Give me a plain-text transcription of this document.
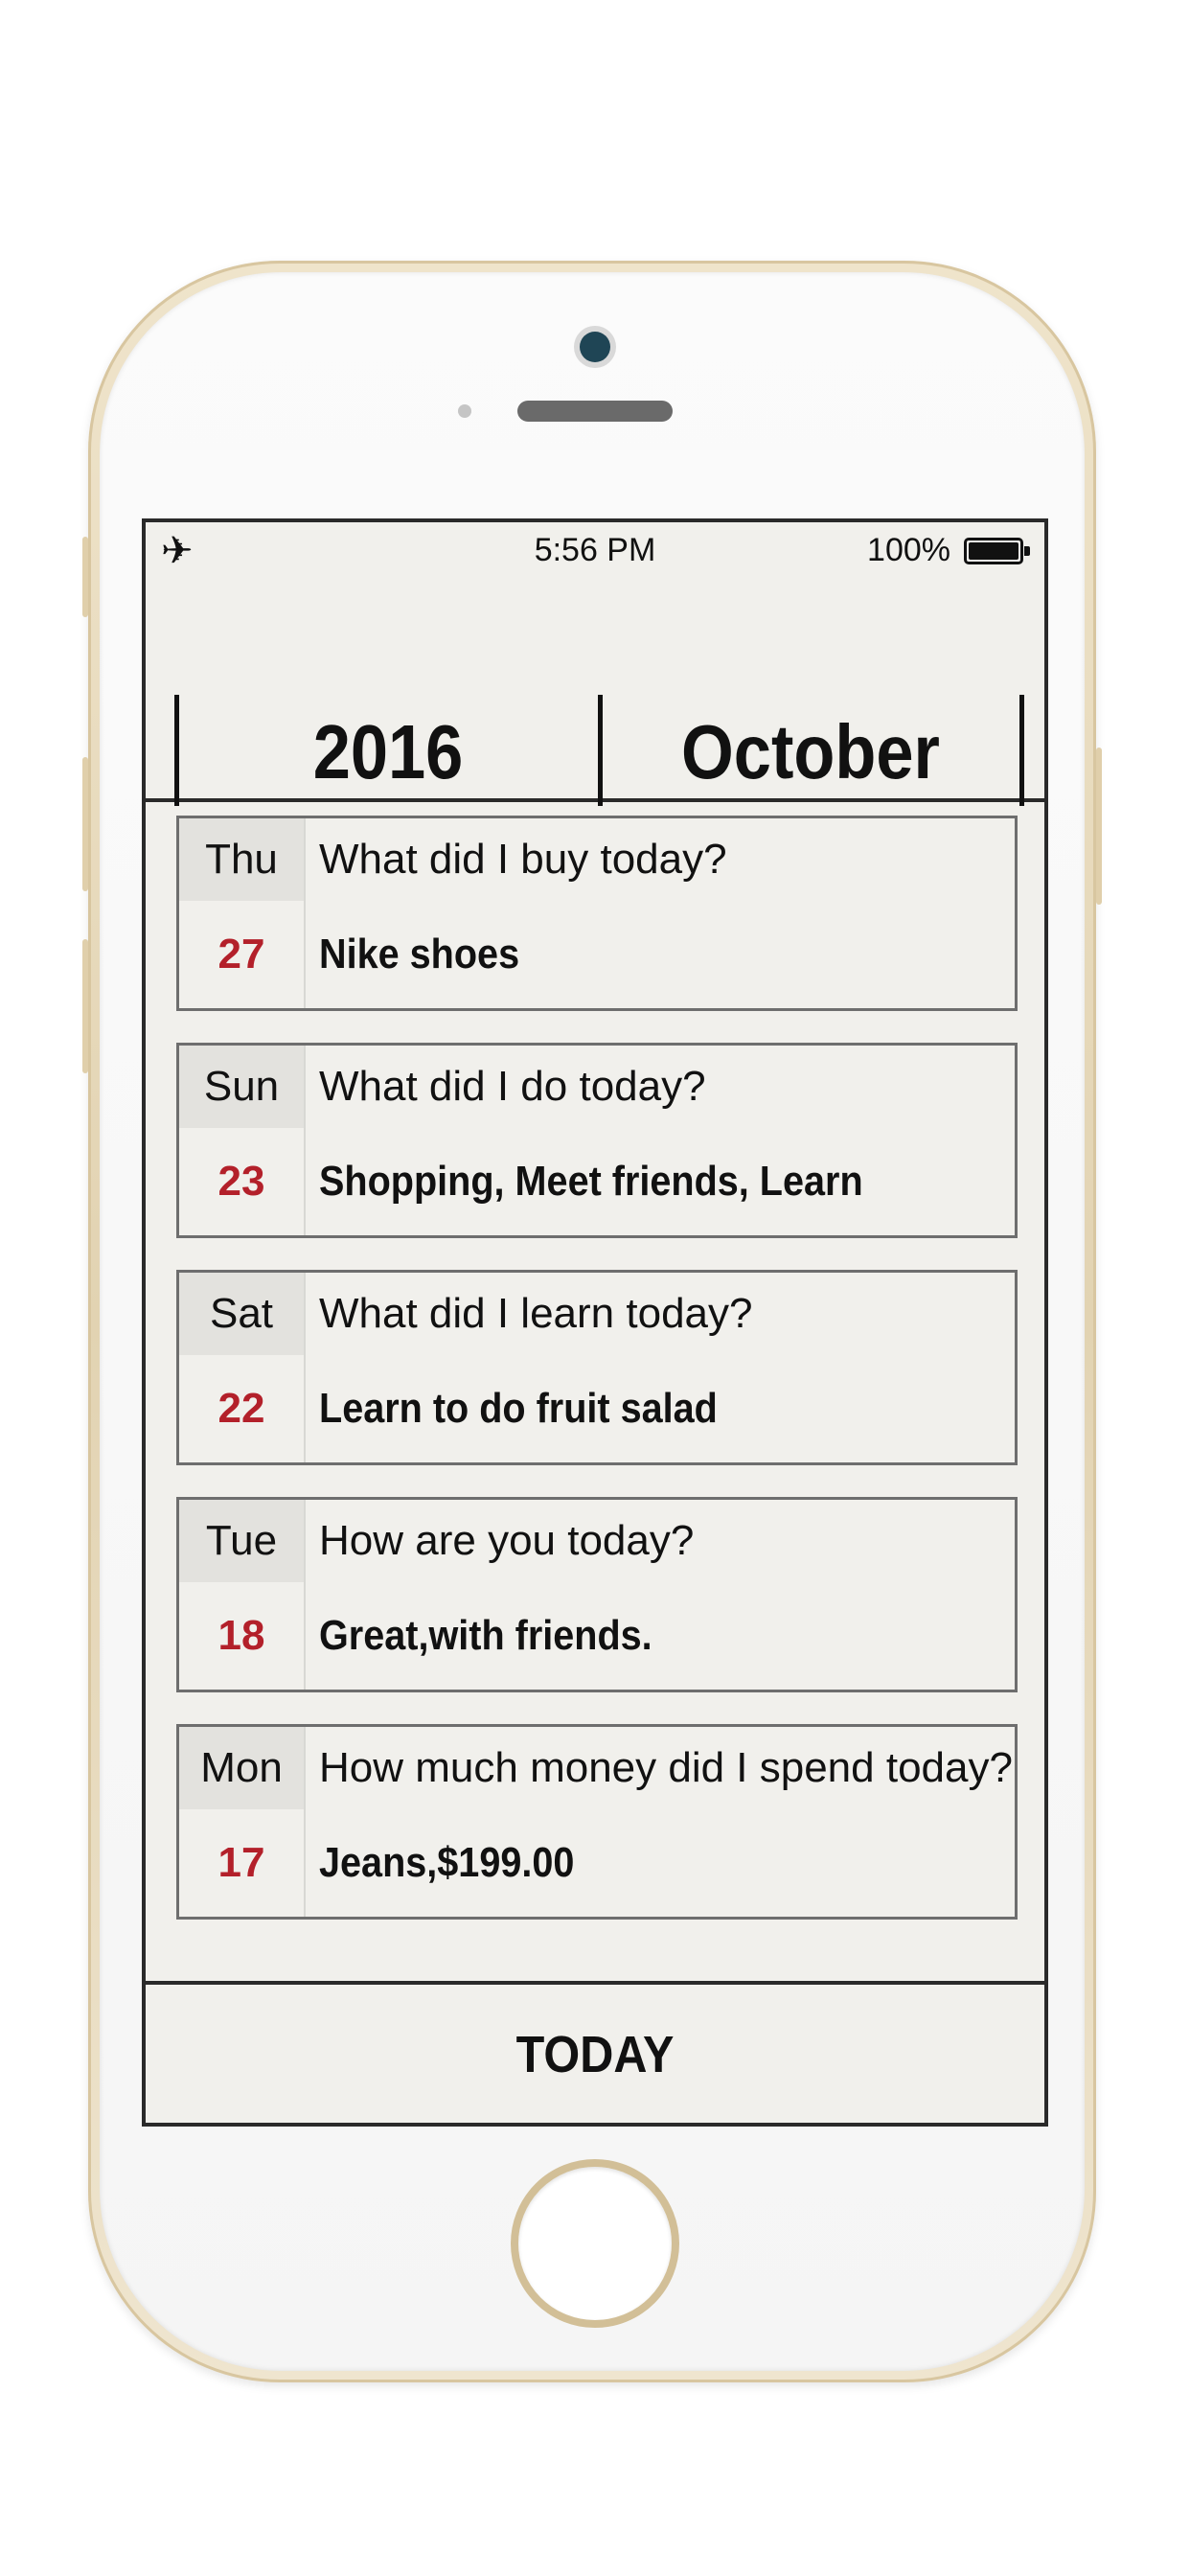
✈	5:56 PM	100%
2016	October
Thu
27
What did I buy today?
Nike shoes
Sun
23
What did I do today?
Shopping, Meet friends, Learn
Sat
22
What did I learn today?
Learn to do fruit salad
Tue
18
How are you today?
Great,with friends.
Mon
17
How much money did I spend today?
Jeans,$199.00
TODAY
